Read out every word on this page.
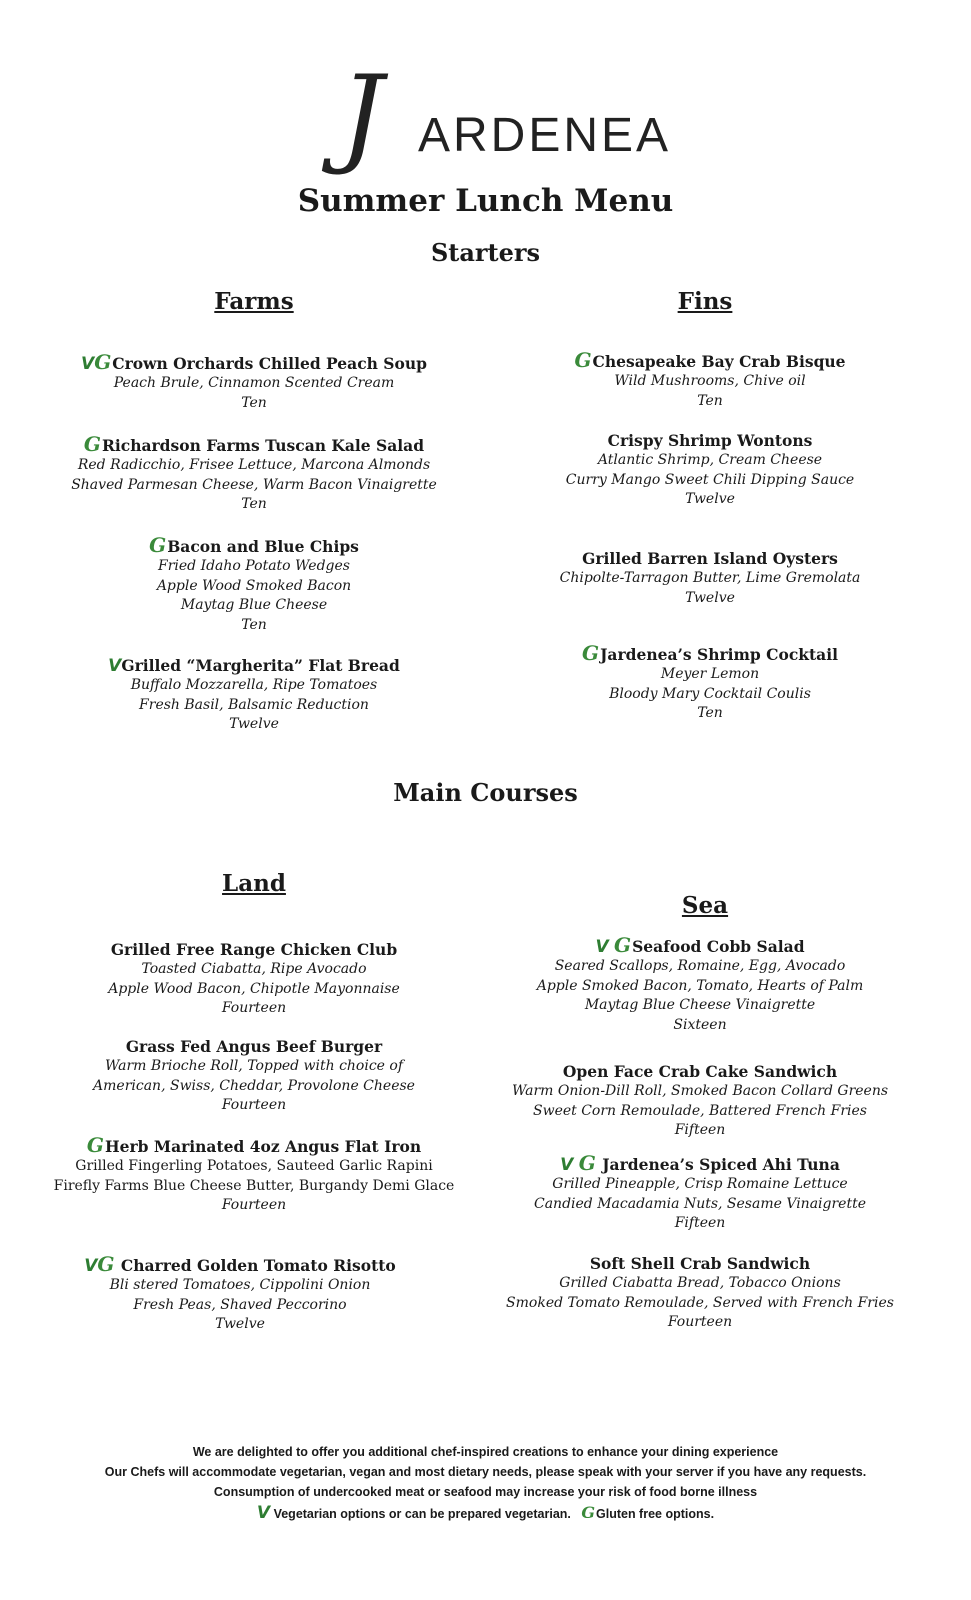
J ARDENEA
Summer Lunch Menu
Starters
Farms	Fins
VGCrown Orchards Chilled Peach Soup
Peach Brule, Cinnamon Scented Cream
Ten
GRichardson Farms Tuscan Kale Salad
Red Radicchio, Frisee Lettuce, Marcona Almonds
Shaved Parmesan Cheese, Warm Bacon Vinaigrette
Ten
GBacon and Blue Chips
Fried Idaho Potato Wedges
Apple Wood Smoked Bacon
Maytag Blue Cheese
Ten
VGrilled “Margherita” Flat Bread
Buffalo Mozzarella, Ripe Tomatoes
Fresh Basil, Balsamic Reduction
Twelve
GChesapeake Bay Crab Bisque
Wild Mushrooms, Chive oil
Ten
Crispy Shrimp Wontons
Atlantic Shrimp, Cream Cheese
Curry Mango Sweet Chili Dipping Sauce
Twelve
Grilled Barren Island Oysters
Chipolte-Tarragon Butter, Lime Gremolata
Twelve
GJardenea’s Shrimp Cocktail
Meyer Lemon
Bloody Mary Cocktail Coulis
Ten
Main Courses
Land
Sea
Grilled Free Range Chicken Club
Toasted Ciabatta, Ripe Avocado
Apple Wood Bacon, Chipotle Mayonnaise
Fourteen
Grass Fed Angus Beef Burger
Warm Brioche Roll, Topped with choice of
American, Swiss, Cheddar, Provolone Cheese
Fourteen
GHerb Marinated 4oz Angus Flat Iron
Grilled Fingerling Potatoes, Sauteed Garlic Rapini
Firefly Farms Blue Cheese Butter, Burgandy Demi Glace
Fourteen
VG Charred Golden Tomato Risotto
Bli stered Tomatoes, Cippolini Onion
Fresh Peas, Shaved Peccorino
Twelve
V GSeafood Cobb Salad
Seared Scallops, Romaine, Egg, Avocado
Apple Smoked Bacon, Tomato, Hearts of Palm
Maytag Blue Cheese Vinaigrette
Sixteen
Open Face Crab Cake Sandwich
Warm Onion-Dill Roll, Smoked Bacon Collard Greens
Sweet Corn Remoulade, Battered French Fries
Fifteen
V G Jardenea’s Spiced Ahi Tuna
Grilled Pineapple, Crisp Romaine Lettuce
Candied Macadamia Nuts, Sesame Vinaigrette
Fifteen
Soft Shell Crab Sandwich
Grilled Ciabatta Bread, Tobacco Onions
Smoked Tomato Remoulade, Served with French Fries
Fourteen
We are delighted to offer you additional chef-inspired creations to enhance your dining experience
Our Chefs will accommodate vegetarian, vegan and most dietary needs, please speak with your server if you have any requests.
Consumption of undercooked meat or seafood may increase your risk of food borne illness
V Vegetarian options or can be prepared vegetarian. GGluten free options.
